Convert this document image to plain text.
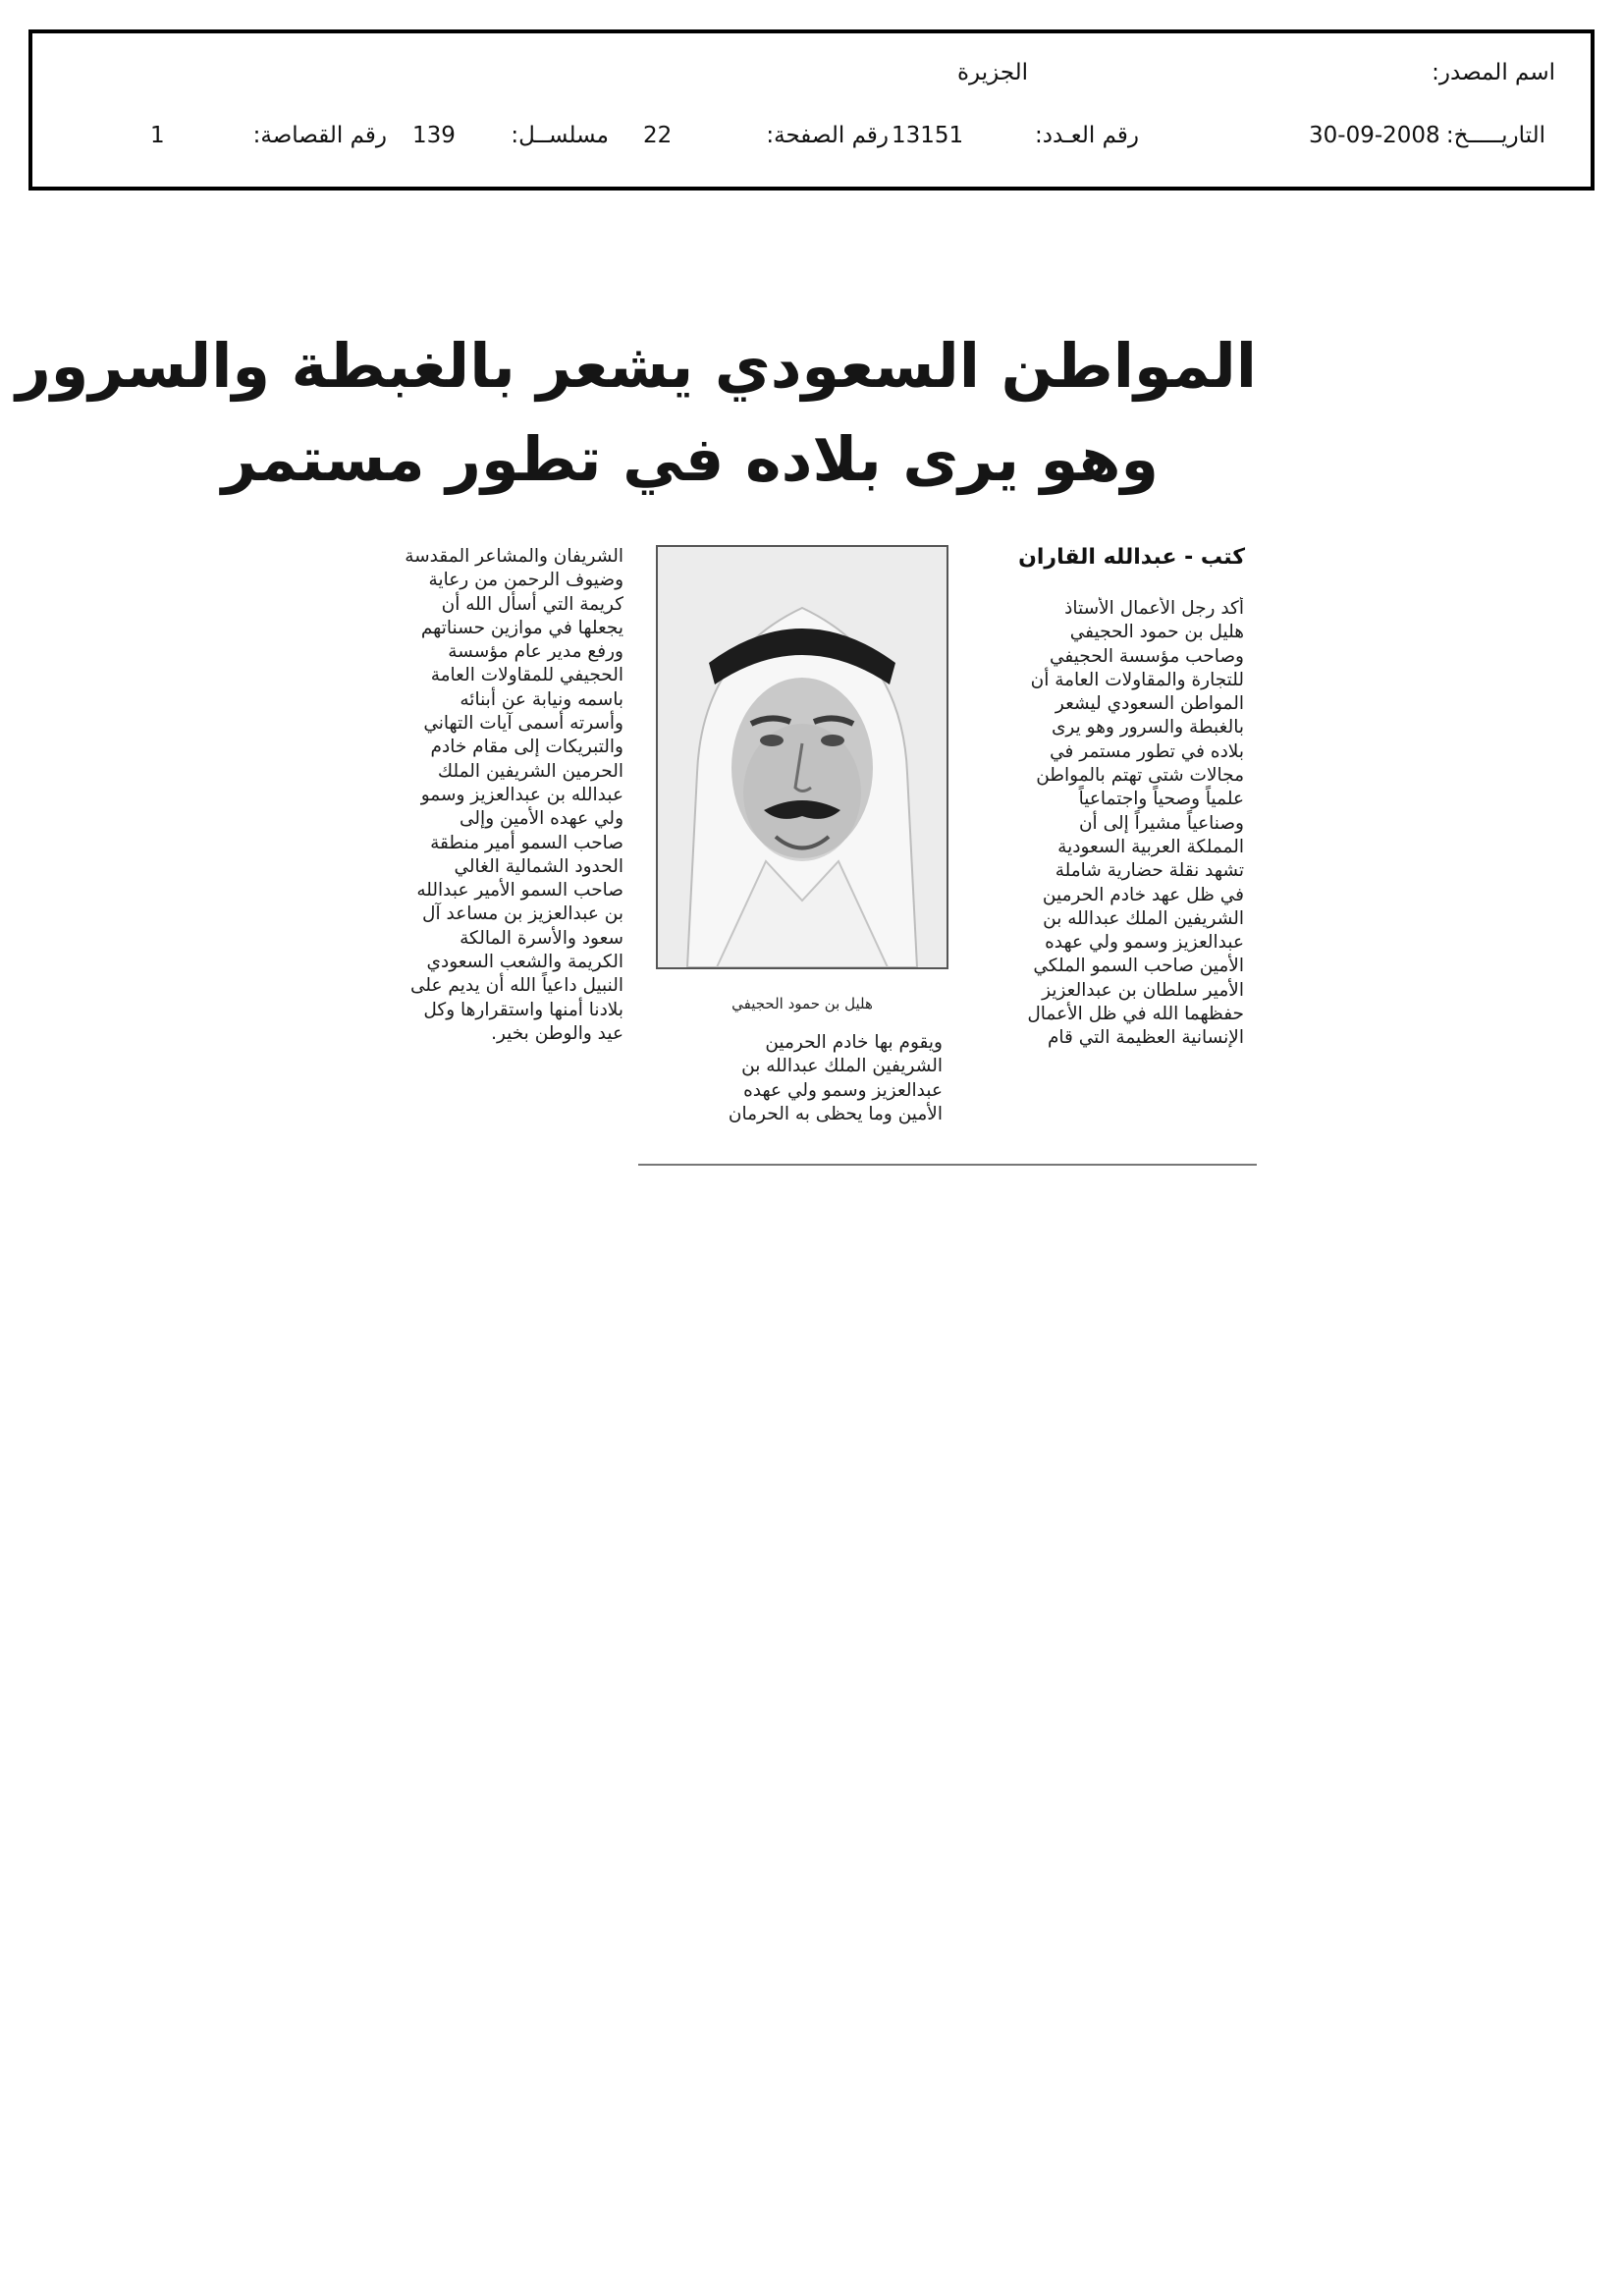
اسم المصدر:
الجزيرة
التاريـــــخ:
30-09-2008
رقم العـدد:
13151
رقم الصفحة:
22
مسلســل:
139
رقم القصاصة:
1
المواطن السعودي يشعر بالغبطة والسرور
وهو يرى بلاده في تطور مستمر
كتب - عبدالله القاران
أكد رجل الأعمال الأستاذ
هليل بن حمود الحجيفي
وصاحب مؤسسة الحجيفي
للتجارة والمقاولات العامة أن
المواطن السعودي ليشعر
بالغبطة والسرور وهو يرى
بلاده في تطور مستمر في
مجالات شتى تهتم بالمواطن
علمياً وصحياً واجتماعياً
وصناعياً مشيراً إلى أن
المملكة العربية السعودية
تشهد نقلة حضارية شاملة
في ظل عهد خادم الحرمين
الشريفين الملك عبدالله بن
عبدالعزيز وسمو ولي عهده
الأمين صاحب السمو الملكي
الأمير سلطان بن عبدالعزيز
حفظهما الله في ظل الأعمال
الإنسانية العظيمة التي قام
هليل بن حمود الحجيفي
ويقوم بها خادم الحرمين
الشريفين الملك عبدالله بن
عبدالعزيز وسمو ولي عهده
الأمين وما يحظى به الحرمان
الشريفان والمشاعر المقدسة
وضيوف الرحمن من رعاية
كريمة التي أسأل الله أن
يجعلها في موازين حسناتهم
ورفع مدير عام مؤسسة
الحجيفي للمقاولات العامة
باسمه ونيابة عن أبنائه
وأسرته أسمى آيات التهاني
والتبريكات إلى مقام خادم
الحرمين الشريفين الملك
عبدالله بن عبدالعزيز وسمو
ولي عهده الأمين وإلى
صاحب السمو أمير منطقة
الحدود الشمالية الغالي
صاحب السمو الأمير عبدالله
بن عبدالعزيز بن مساعد آل
سعود والأسرة المالكة
الكريمة والشعب السعودي
النبيل داعياً الله أن يديم على
بلادنا أمنها واستقرارها وكل
عيد والوطن بخير.
